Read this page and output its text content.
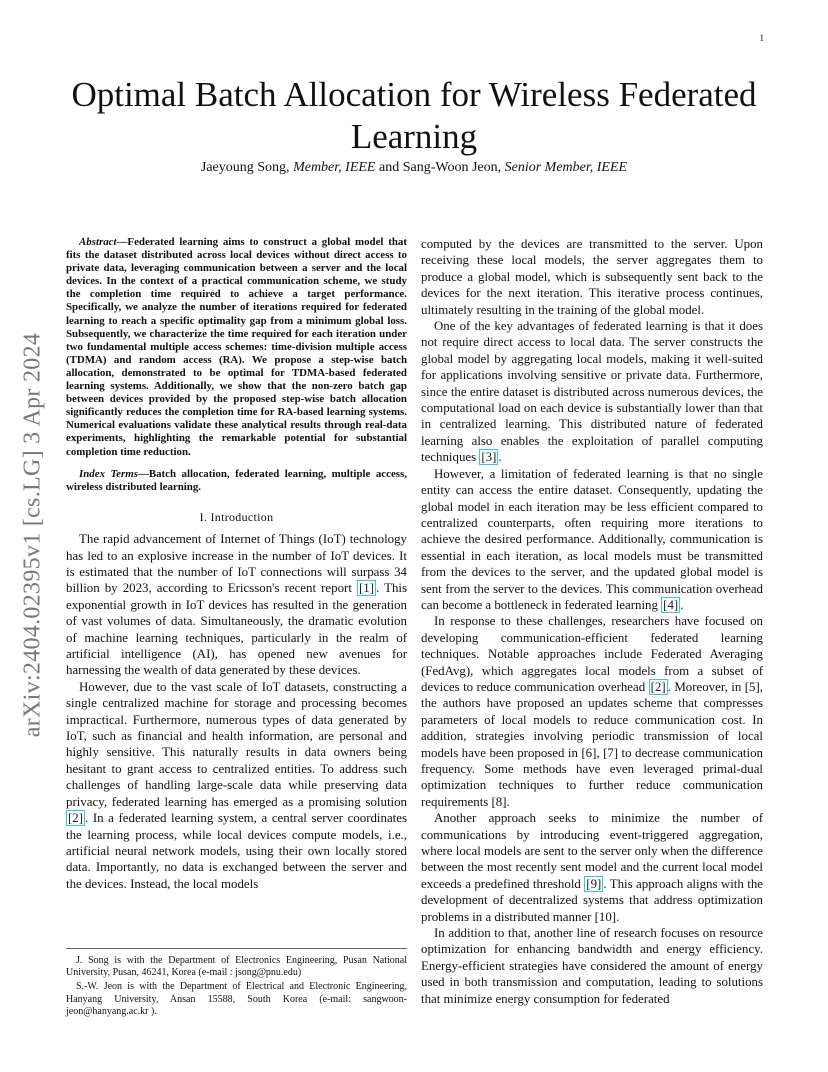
1
Optimal Batch Allocation for Wireless Federated Learning
Jaeyoung Song, Member, IEEE and Sang-Woon Jeon, Senior Member, IEEE
arXiv:2404.02395v1 [cs.LG] 3 Apr 2024

Abstract—Federated learning aims to construct a global model that fits the dataset distributed across local devices without direct access to private data, leveraging communication between a server and the local devices. In the context of a practical communication scheme, we study the completion time required to achieve a target performance. Specifically, we analyze the number of iterations required for federated learning to reach a specific optimality gap from a minimum global loss. Subsequently, we characterize the time required for each iteration under two fundamental multiple access schemes: time-division multiple access (TDMA) and random access (RA). We propose a step-wise batch allocation, demonstrated to be optimal for TDMA-based federated learning systems. Additionally, we show that the non-zero batch gap between devices provided by the proposed step-wise batch allocation significantly reduces the completion time for RA-based learning systems. Numerical evaluations validate these analytical results through real-data experiments, highlighting the remarkable potential for substantial completion time reduction.

Index Terms—Batch allocation, federated learning, multiple access, wireless distributed learning.

I. Introduction

The rapid advancement of Internet of Things (IoT) technology has led to an explosive increase in the number of IoT devices. It is estimated that the number of IoT connections will surpass 34 billion by 2023, according to Ericsson's recent report [1] . This exponential growth in IoT devices has resulted in the generation of vast volumes of data. Simultaneously, the dramatic evolution of machine learning techniques, particularly in the realm of artificial intelligence (AI), has opened new avenues for harnessing the wealth of data generated by these devices.

However, due to the vast scale of IoT datasets, constructing a single centralized machine for storage and processing becomes impractical. Furthermore, numerous types of data generated by IoT, such as financial and health information, are personal and highly sensitive. This naturally results in data owners being hesitant to grant access to centralized entities. To address such challenges of handling large-scale data while preserving data privacy, federated learning has emerged as a promising solution [2] . In a federated learning system, a central server coordinates the learning process, while local devices compute models, i.e., artificial neural network models, using their own locally stored data. Importantly, no data is exchanged between the server and the devices. Instead, the local models

J. Song is with the Department of Electronics Engineering, Pusan National University, Pusan, 46241, Korea (e-mail : jsong@pnu.edu)

S.-W. Jeon is with the Department of Electrical and Electronic Engineering, Hanyang University, Ansan 15588, South Korea (e-mail: sangwoon-jeon@hanyang.ac.kr ).

computed by the devices are transmitted to the server. Upon receiving these local models, the server aggregates them to produce a global model, which is subsequently sent back to the devices for the next iteration. This iterative process continues, ultimately resulting in the training of the global model.

One of the key advantages of federated learning is that it does not require direct access to local data. The server constructs the global model by aggregating local models, making it well-suited for applications involving sensitive or private data. Furthermore, since the entire dataset is distributed across numerous devices, the computational load on each device is substantially lower than that in centralized learning. This distributed nature of federated learning also enables the exploitation of parallel computing techniques [3] .

However, a limitation of federated learning is that no single entity can access the entire dataset. Consequently, updating the global model in each iteration may be less efficient compared to centralized counterparts, often requiring more iterations to achieve the desired performance. Additionally, communication is essential in each iteration, as local models must be transmitted from the devices to the server, and the updated global model is sent from the server to the devices. This communication overhead can become a bottleneck in federated learning [4] .

In response to these challenges, researchers have focused on developing communication-efficient federated learning techniques. Notable approaches include Federated Averaging (FedAvg), which aggregates local models from a subset of devices to reduce communication overhead [2] . Moreover, in [5], the authors have proposed an updates scheme that compresses parameters of local models to reduce communication cost. In addition, strategies involving periodic transmission of local models have been proposed in [6], [7] to decrease communication frequency. Some methods have even leveraged primal-dual optimization techniques to further reduce communication requirements [8].

Another approach seeks to minimize the number of communications by introducing event-triggered aggregation, where local models are sent to the server only when the difference between the most recently sent model and the current local model exceeds a predefined threshold [9] . This approach aligns with the development of decentralized systems that address optimization problems in a distributed manner [10].

In addition to that, another line of research focuses on resource optimization for enhancing bandwidth and energy efficiency. Energy-efficient strategies have considered the amount of energy used in both transmission and computation, leading to solutions that minimize energy consumption for federated
